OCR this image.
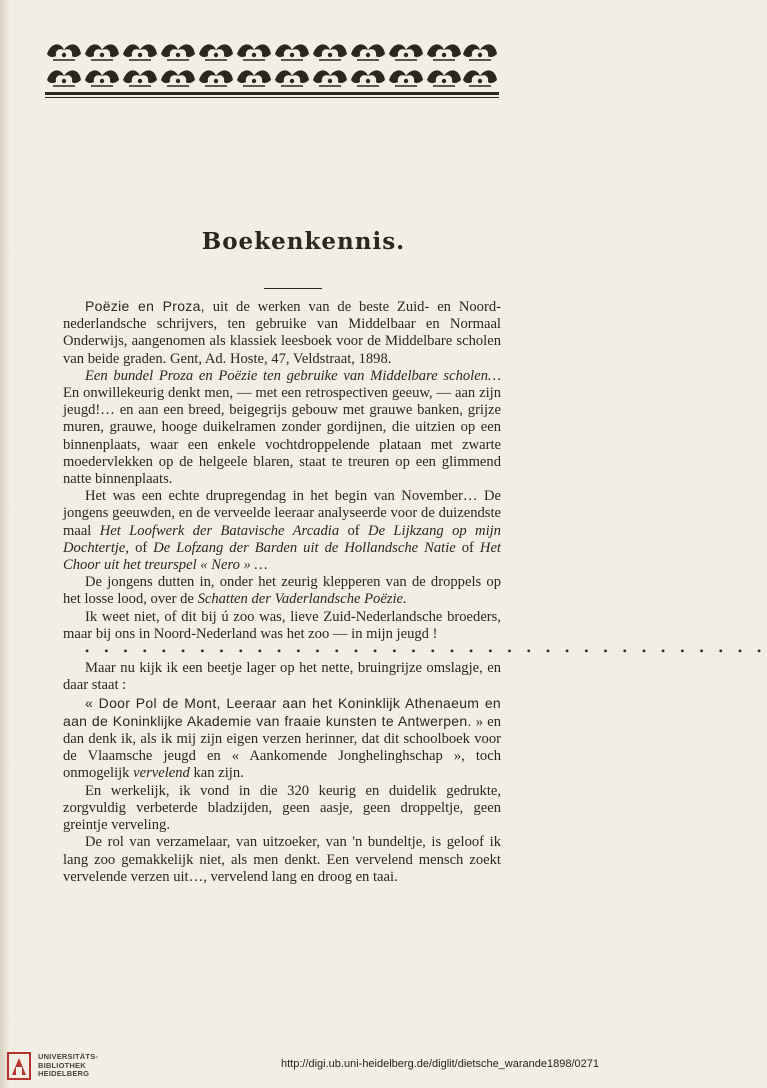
Boekenkennis.

Poëzie en Proza, uit de werken van de beste Zuid- en Noord-nederlandsche schrijvers, ten gebruike van Middelbaar en Normaal Onderwijs, aangenomen als klassiek leesboek voor de Middelbare scholen van beide graden. Gent, Ad. Hoste, 47, Veldstraat, 1898.

Een bundel Proza en Poëzie ten gebruike van Middelbare scholen… En onwillekeurig denkt men, — met een retrospectiven geeuw, — aan zijn jeugd!… en aan een breed, beigegrijs gebouw met grauwe banken, grijze muren, grauwe, hooge duikelramen zonder gordijnen, die uitzien op een binnenplaats, waar een enkele vochtdroppelende plataan met zwarte moedervlekken op de helgeele blaren, staat te treuren op een glimmend natte binnenplaats.

Het was een echte drupregendag in het begin van November… De jongens geeuwden, en de verveelde leeraar analyseerde voor de duizendste maal Het Loofwerk der Batavische Arcadia of De Lijkzang op mijn Dochtertje, of De Lofzang der Barden uit de Hollandsche Natie of Het Choor uit het treurspel « Nero » …

De jongens dutten in, onder het zeurig klepperen van de droppels op het losse lood, over de Schatten der Vaderlandsche Poëzie.

Ik weet niet, of dit bij ú zoo was, lieve Zuid-Nederlandsche broeders, maar bij ons in Noord-Nederland was het zoo — in mijn jeugd !

• • • • • • • • • • • • • • • • • • • • • • • • • • • • • • • • • • • •

Maar nu kijk ik een beetje lager op het nette, bruingrijze omslagje, en daar staat :

« Door Pol de Mont, Leeraar aan het Koninklijk Athenaeum en aan de Koninklijke Akademie van fraaie kunsten te Antwerpen. » en dan denk ik, als ik mij zijn eigen verzen herinner, dat dit schoolboek voor de Vlaamsche jeugd en « Aankomende Jonghelinghschap », toch onmogelijk vervelend kan zijn.

En werkelijk, ik vond in die 320 keurig en duidelik gedrukte, zorgvuldig verbeterde bladzijden, geen aasje, geen droppeltje, geen greintje verveling.

De rol van verzamelaar, van uitzoeker, van 'n bundeltje, is geloof ik lang zoo gemakkelijk niet, als men denkt. Een vervelend mensch zoekt vervelende verzen uit…, vervelend lang en droog en taai.

UNIVERSITÄTS-
BIBLIOTHEK
HEIDELBERG
http://digi.ub.uni-heidelberg.de/diglit/dietsche_warande1898/0271
